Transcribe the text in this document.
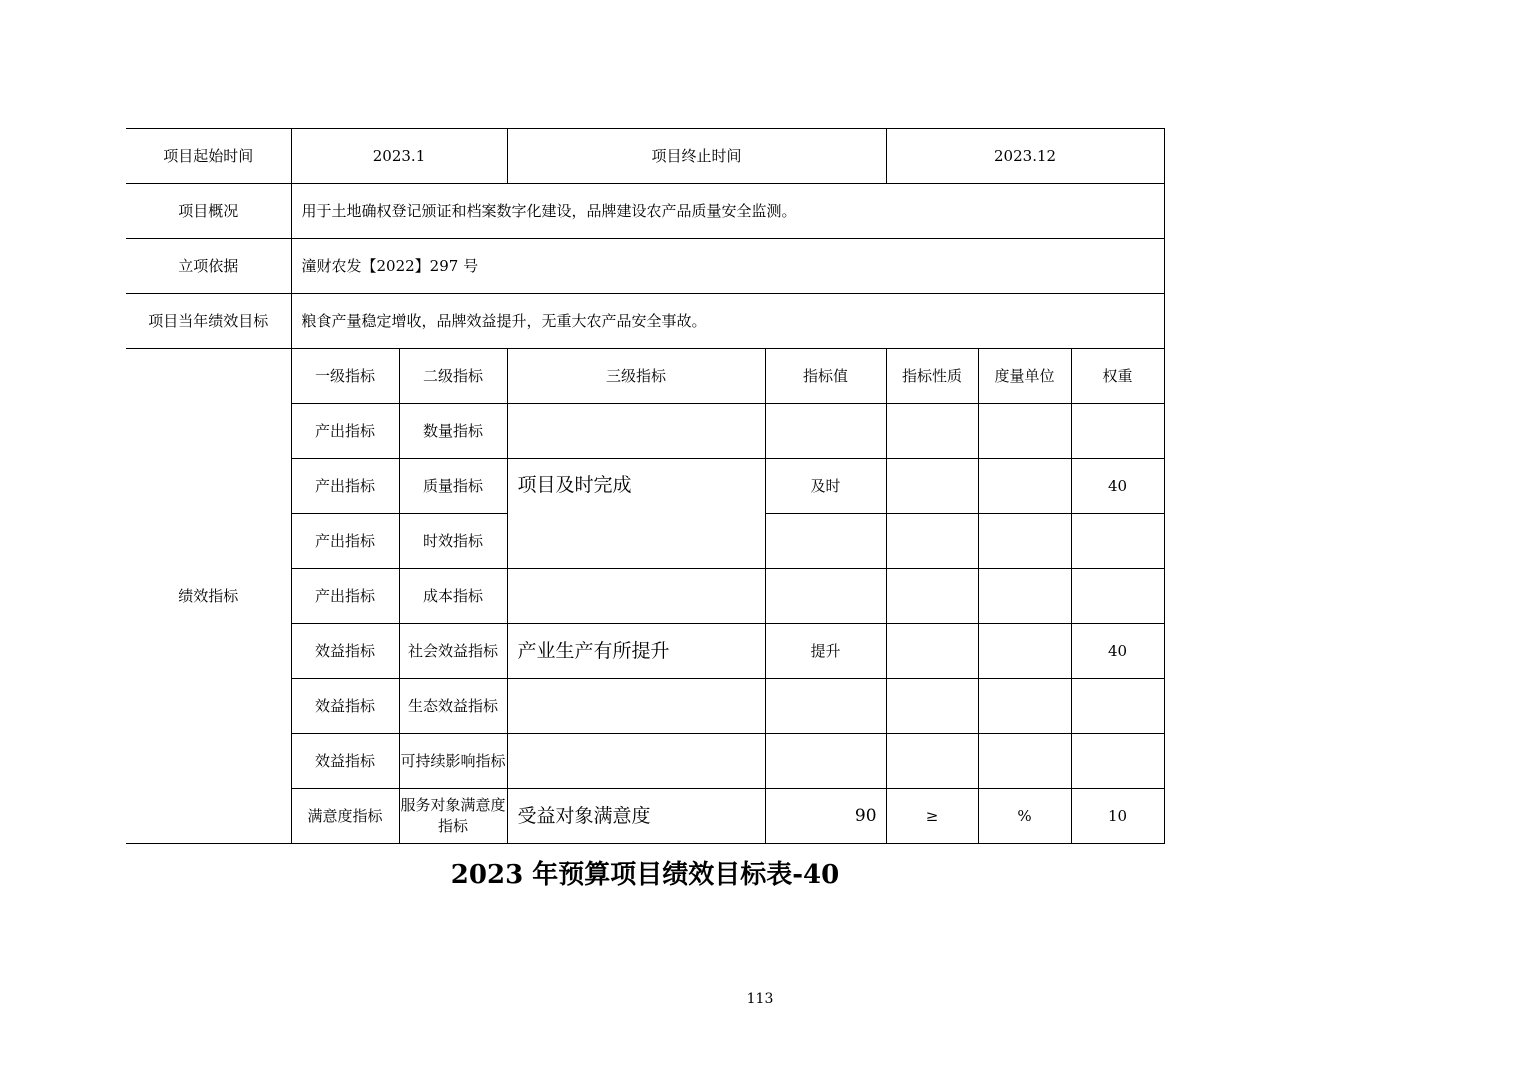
项目起始时间	2023.1		项目终止时间		2023.12		
项目概况	用于土地确权登记颁证和档案数字化建设，品牌建设农产品质量安全监测。						
立项依据	潼财农发【2022】297 号						
项目当年绩效目标	粮食产量稳定增收，品牌效益提升，无重大农产品安全事故。						
绩效指标	一级指标	二级指标	三级指标	指标值	指标性质	度量单位	权重
	产出指标	数量指标					
	产出指标	质量指标	项目及时完成	及时			40
	产出指标	时效指标					
	产出指标	成本指标					
	效益指标	社会效益指标	产业生产有所提升	提升			40
	效益指标	生态效益指标					
	效益指标	可持续影响指标					
	满意度指标	服务对象满意度指标	受益对象满意度	90	≥	%	10
2023 年预算项目绩效目标表-40
113
